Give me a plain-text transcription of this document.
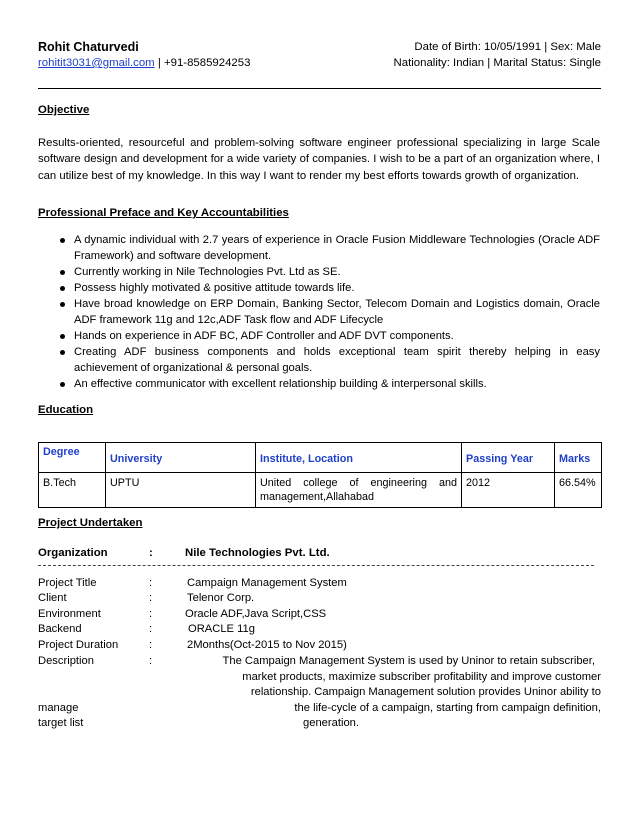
Rohit Chaturvedi
rohitit3031@gmail.com | +91-8585924253
Date of Birth: 10/05/1991 | Sex: Male
Nationality: Indian | Marital Status: Single
Objective
Results-oriented, resourceful and problem-solving software engineer professional specializing in large Scale software design and development for a wide variety of companies. I wish to be a part of an organization where, I can utilize best of my knowledge. In this way I want to render my best efforts towards growth of organization.
Professional Preface and Key Accountabilities
A dynamic individual with 2.7 years of experience in Oracle Fusion Middleware Technologies (Oracle ADF Framework) and software development.
Currently working in Nile Technologies Pvt. Ltd as SE.
Possess highly motivated & positive attitude towards life.
Have broad knowledge on ERP Domain, Banking Sector, Telecom Domain and Logistics domain, Oracle ADF framework 11g and 12c,ADF Task flow and ADF Lifecycle
Hands on experience in ADF BC, ADF Controller and ADF DVT components.
Creating ADF business components and holds exceptional team spirit thereby helping in easy achievement of organizational & personal goals.
An effective communicator with excellent relationship building & interpersonal skills.
Education
Degree	University	Institute, Location	Passing Year	Marks
B.Tech	UPTU	United college of engineering and management,Allahabad	2012	66.54%
Project Undertaken
Organization	:	Nile Technologies Pvt. Ltd.
Project Title	:	Campaign Management System
Client	:	Telenor Corp.
Environment	:	Oracle ADF,Java Script,CSS
Backend	:	ORACLE 11g
Project Duration	:	2Months(Oct-2015 to Nov 2015)
Description	:	The Campaign Management System is used by Uninor to retain subscriber,
market products, maximize subscriber profitability and improve customer
relationship. Campaign Management solution provides Uninor ability to
manage	the life-cycle of a campaign, starting from campaign definition,
target list	generation.
